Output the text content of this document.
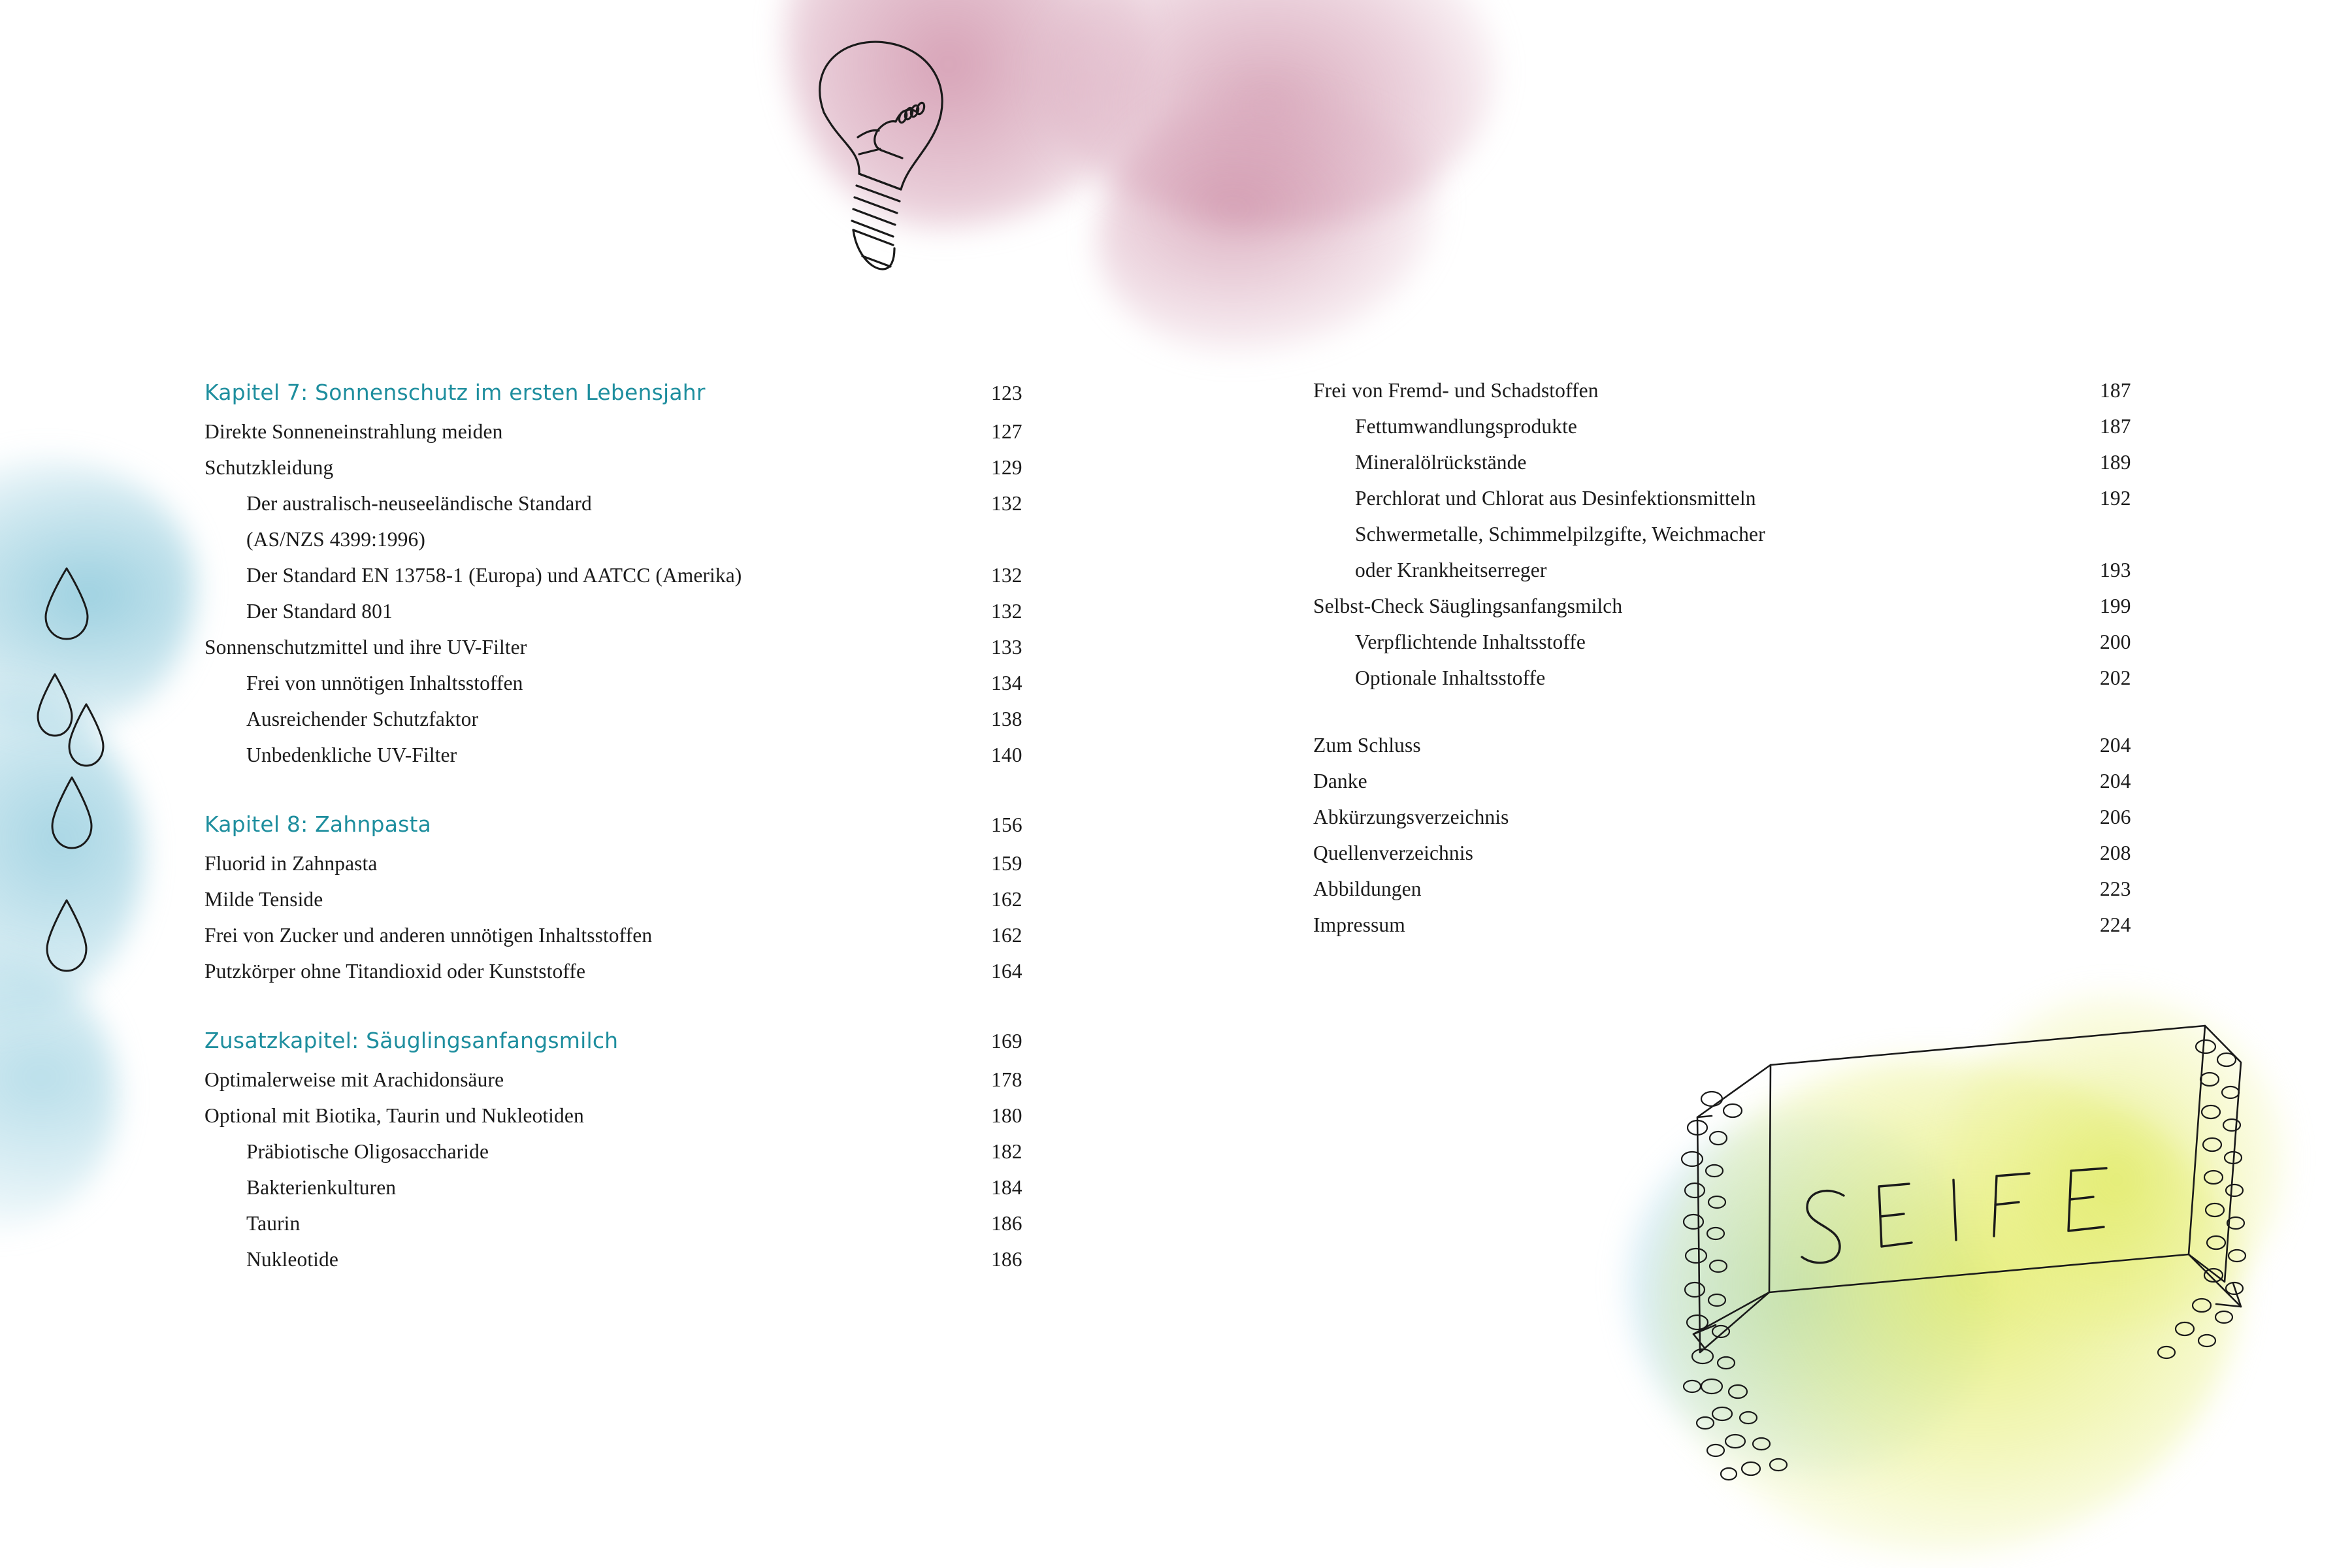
Kapitel 7: Sonnenschutz im ersten Lebensjahr	123
Direkte Sonneneinstrahlung meiden	127
Schutzkleidung	129
Der australisch-neuseeländische Standard	132
(AS/NZS 4399:1996)
Der Standard EN 13758-1 (Europa) und AATCC (Amerika)	132
Der Standard 801	132
Sonnenschutzmittel und ihre UV-Filter	133
Frei von unnötigen Inhaltsstoffen	134
Ausreichender Schutzfaktor	138
Unbedenkliche UV-Filter	140
Kapitel 8: Zahnpasta	156
Fluorid in Zahnpasta	159
Milde Tenside	162
Frei von Zucker und anderen unnötigen Inhaltsstoffen	162
Putzkörper ohne Titandioxid oder Kunststoffe	164
Zusatzkapitel: Säuglingsanfangsmilch	169
Optimalerweise mit Arachidonsäure	178
Optional mit Biotika, Taurin und Nukleotiden	180
Präbiotische Oligosaccharide	182
Bakterienkulturen	184
Taurin	186
Nukleotide	186
Frei von Fremd- und Schadstoffen	187
Fettumwandlungsprodukte	187
Mineralölrückstände	189
Perchlorat und Chlorat aus Desinfektionsmitteln	192
Schwermetalle, Schimmelpilzgifte, Weichmacher
oder Krankheitserreger	193
Selbst-Check Säuglingsanfangsmilch	199
Verpflichtende Inhaltsstoffe	200
Optionale Inhaltsstoffe	202
Zum Schluss	204
Danke	204
Abkürzungsverzeichnis	206
Quellenverzeichnis	208
Abbildungen	223
Impressum	224
